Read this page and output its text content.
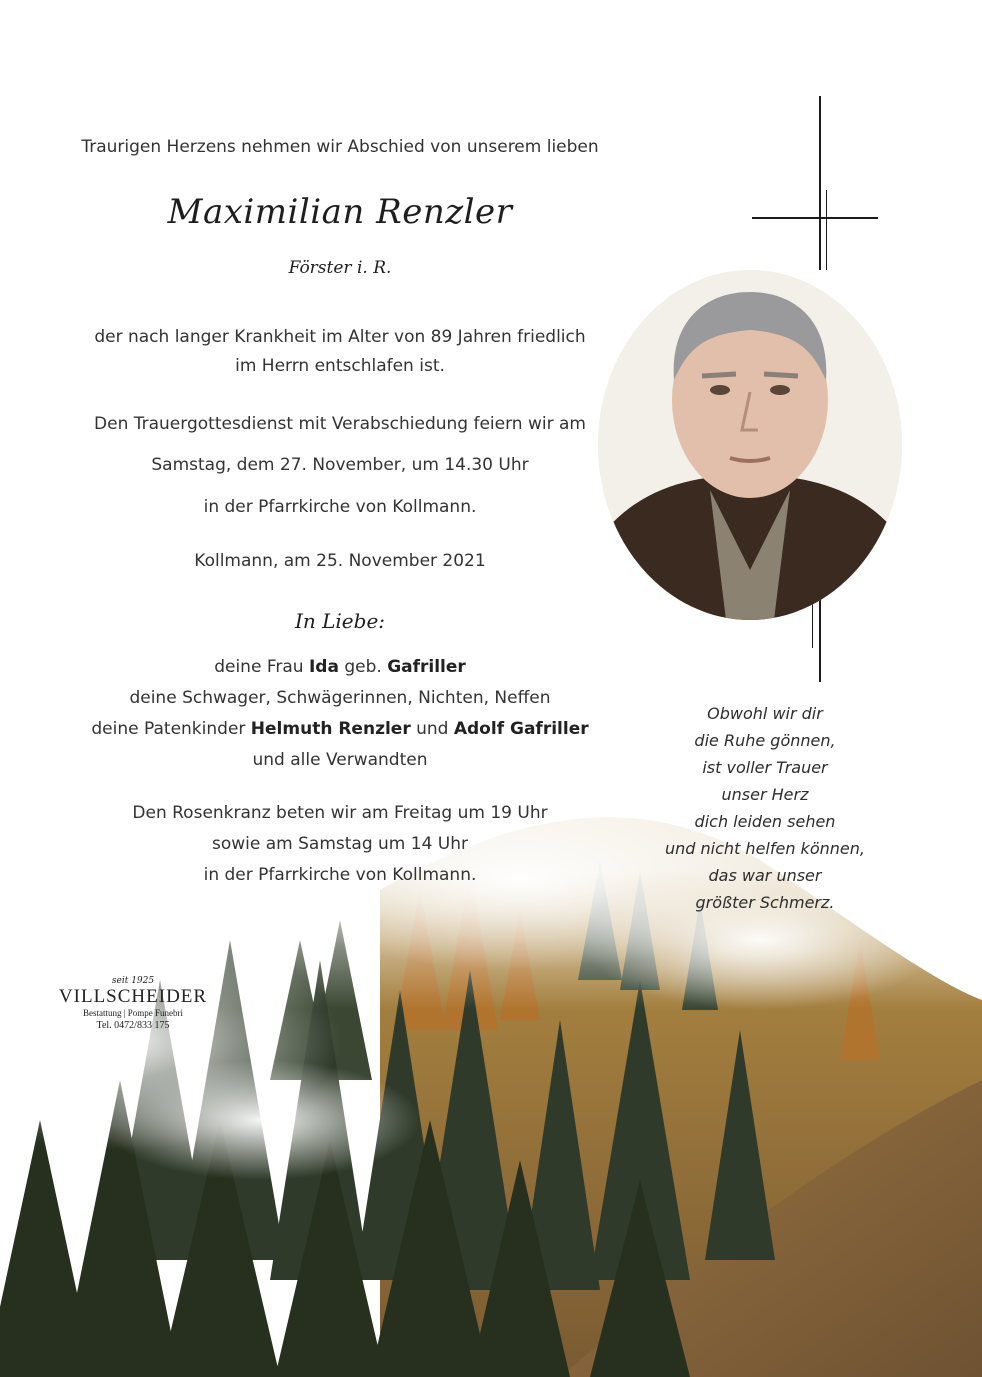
Traurigen Herzens nehmen wir Abschied von unserem lieben
Maximilian Renzler
Förster i. R.
der nach langer Krankheit im Alter von 89 Jahren friedlich
im Herrn entschlafen ist.
Den Trauergottesdienst mit Verabschiedung feiern wir am
Samstag, dem 27. November, um 14.30 Uhr
in der Pfarrkirche von Kollmann.
Kollmann, am 25. November 2021
In Liebe:
deine Frau Ida geb. Gafriller
deine Schwager, Schwägerinnen, Nichten, Neffen
deine Patenkinder Helmuth Renzler und Adolf Gafriller
und alle Verwandten
Den Rosenkranz beten wir am Freitag um 19 Uhr
sowie am Samstag um 14 Uhr
in der Pfarrkirche von Kollmann.
Obwohl wir dir
die Ruhe gönnen,
ist voller Trauer
unser Herz
dich leiden sehen
und nicht helfen können,
das war unser
größter Schmerz.
seit 1925
VILLSCHEIDER
Bestattung | Pompe Funebri
Tel. 0472/833 175
